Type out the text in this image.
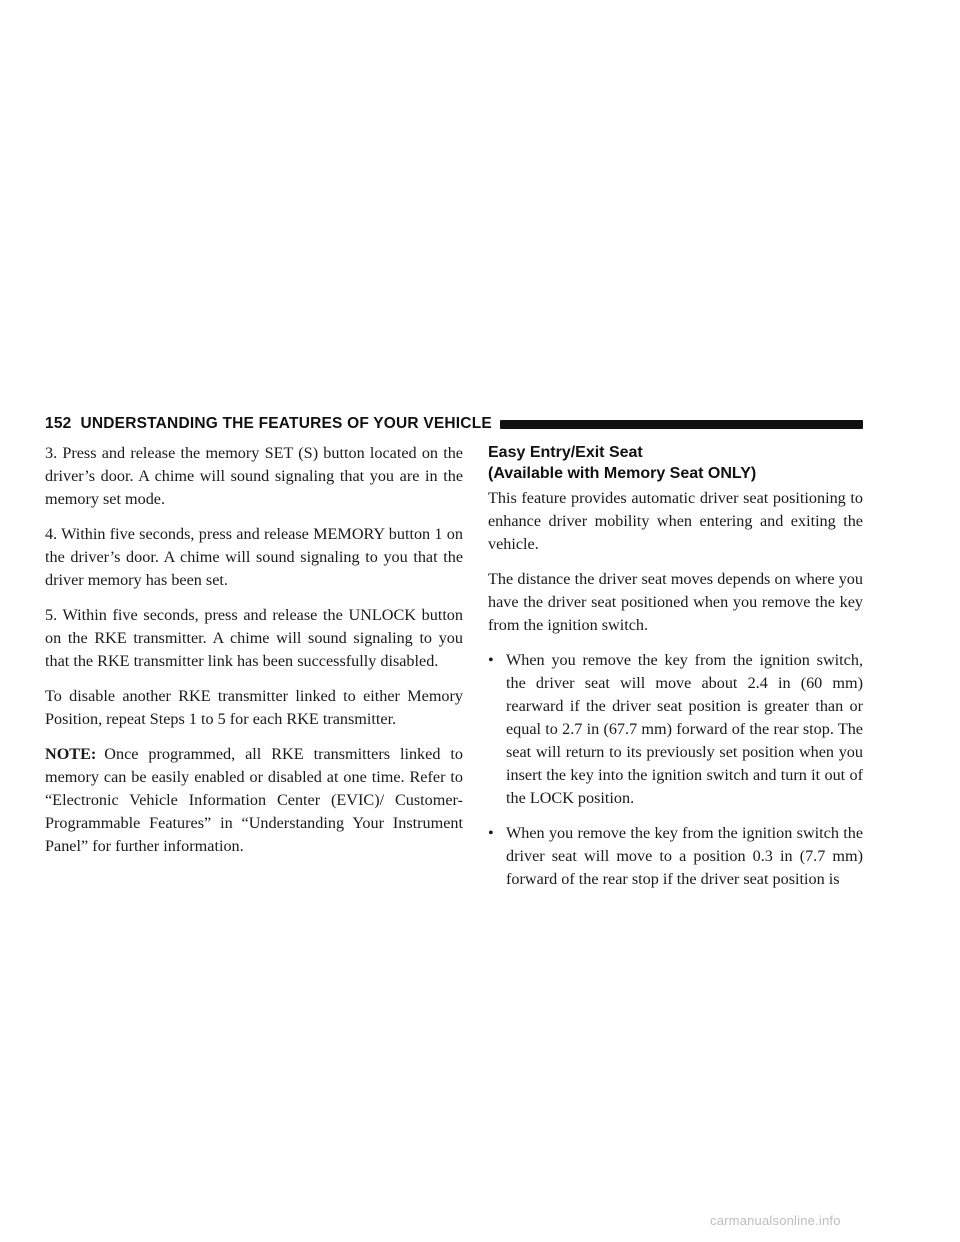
152 UNDERSTANDING THE FEATURES OF YOUR VEHICLE

3. Press and release the memory SET (S) button located on the driver’s door. A chime will sound signaling that you are in the memory set mode.

4. Within five seconds, press and release MEMORY button 1 on the driver’s door. A chime will sound signaling to you that the driver memory has been set.

5. Within five seconds, press and release the UNLOCK button on the RKE transmitter. A chime will sound signaling to you that the RKE transmitter link has been successfully disabled.

To disable another RKE transmitter linked to either Memory Position, repeat Steps 1 to 5 for each RKE transmitter.

NOTE: Once programmed, all RKE transmitters linked to memory can be easily enabled or disabled at one time. Refer to “Electronic Vehicle Information Center (EVIC)/ Customer-Programmable Features” in “Understanding Your Instrument Panel” for further information.

Easy Entry/Exit Seat
(Available with Memory Seat ONLY)

This feature provides automatic driver seat positioning to enhance driver mobility when entering and exiting the vehicle.

The distance the driver seat moves depends on where you have the driver seat positioned when you remove the key from the ignition switch.

• When you remove the key from the ignition switch, the driver seat will move about 2.4 in (60 mm) rearward if the driver seat position is greater than or equal to 2.7 in (67.7 mm) forward of the rear stop. The seat will return to its previously set position when you insert the key into the ignition switch and turn it out of the LOCK position.
• When you remove the key from the ignition switch the driver seat will move to a position 0.3 in (7.7 mm) forward of the rear stop if the driver seat position is
carmanualsonline.info
